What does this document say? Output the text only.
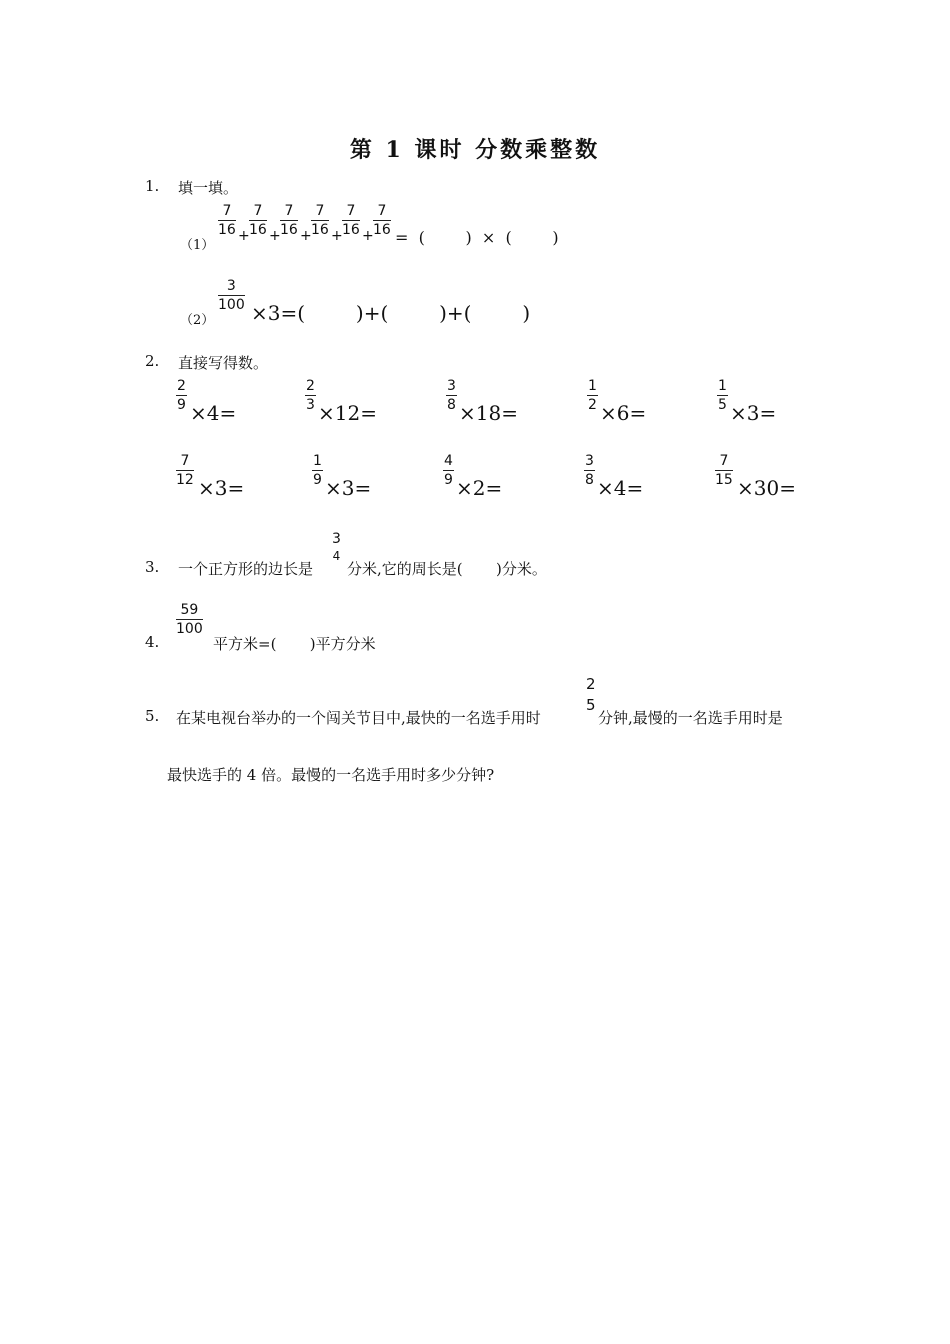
第 1 课时 分数乘整数
1. 填一填。
（1）
7
16 +
7
16 +
7
16 +
7
16 +
7
16 +
7
16 =  (        )  ×  (        )
（2）
3
100 ×3=(        )+(        )+(        )
2. 直接写得数。
2
9 ×4=
2
3 ×12=
3
8 ×18=
1
2 ×6=
1
5 ×3=
7
12 ×3=
1
9 ×3=
4
9 ×2=
3
8 ×4=
7
15 ×30=
3. 一个正方形的边长是
3
4
分米,它的周长是(       )分米。
4.
59
100
平方米=(       )平方分米
5. 在某电视台举办的一个闯关节目中,最快的一名选手用时
2
5
分钟,最慢的一名选手用时是
最快选手的 4 倍。最慢的一名选手用时多少分钟?
